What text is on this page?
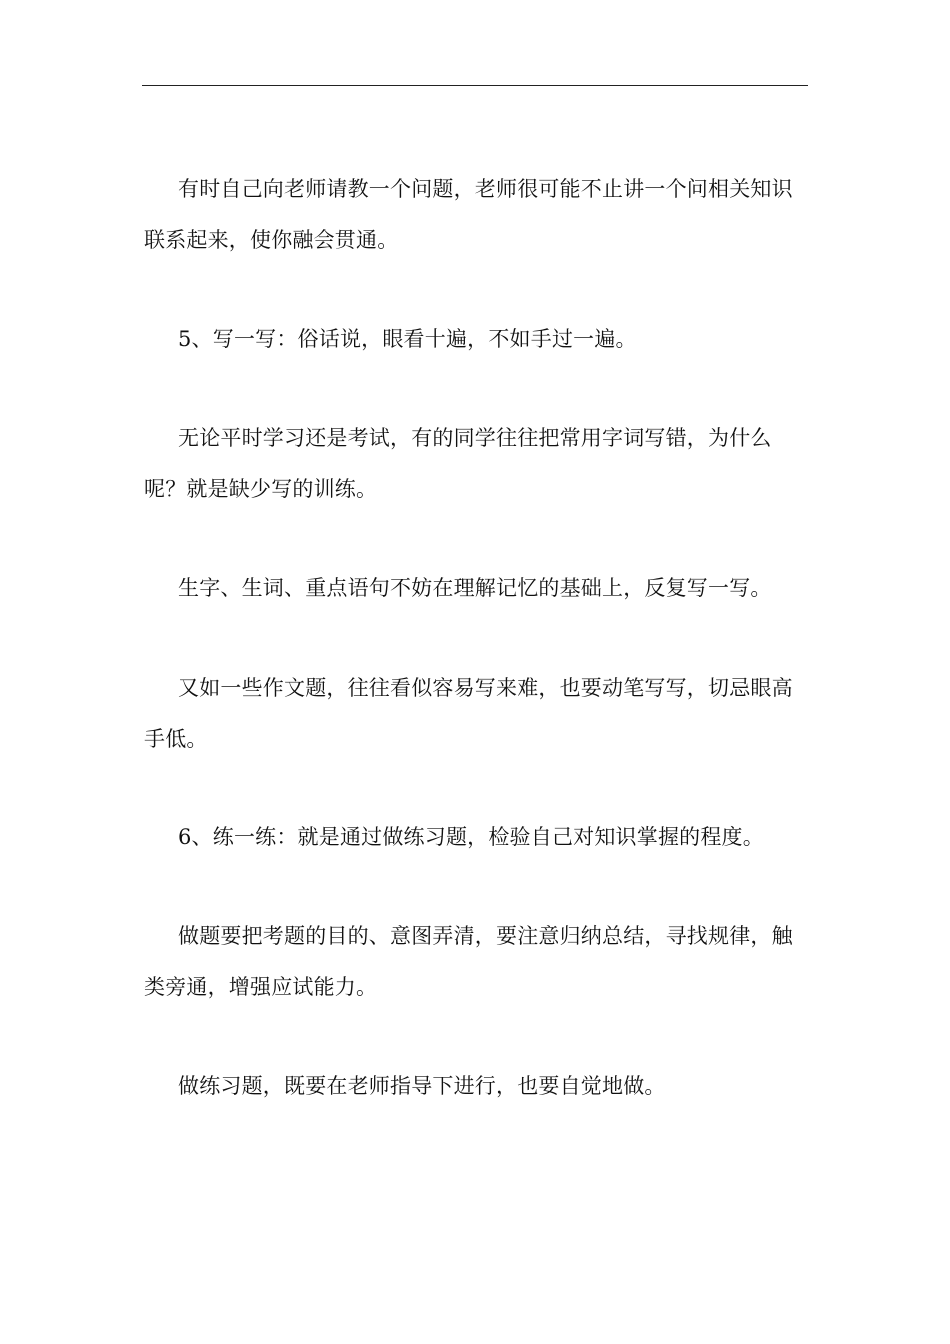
有时自己向老师请教一个问题，老师很可能不止讲一个问相关知识联系起来，使你融会贯通。

5、写一写：俗话说，眼看十遍，不如手过一遍。

无论平时学习还是考试，有的同学往往把常用字词写错，为什么呢？就是缺少写的训练。

生字、生词、重点语句不妨在理解记忆的基础上，反复写一写。

又如一些作文题，往往看似容易写来难，也要动笔写写，切忌眼高手低。

6、练一练：就是通过做练习题，检验自己对知识掌握的程度。

做题要把考题的目的、意图弄清，要注意归纳总结，寻找规律，触类旁通，增强应试能力。

做练习题，既要在老师指导下进行，也要自觉地做。
